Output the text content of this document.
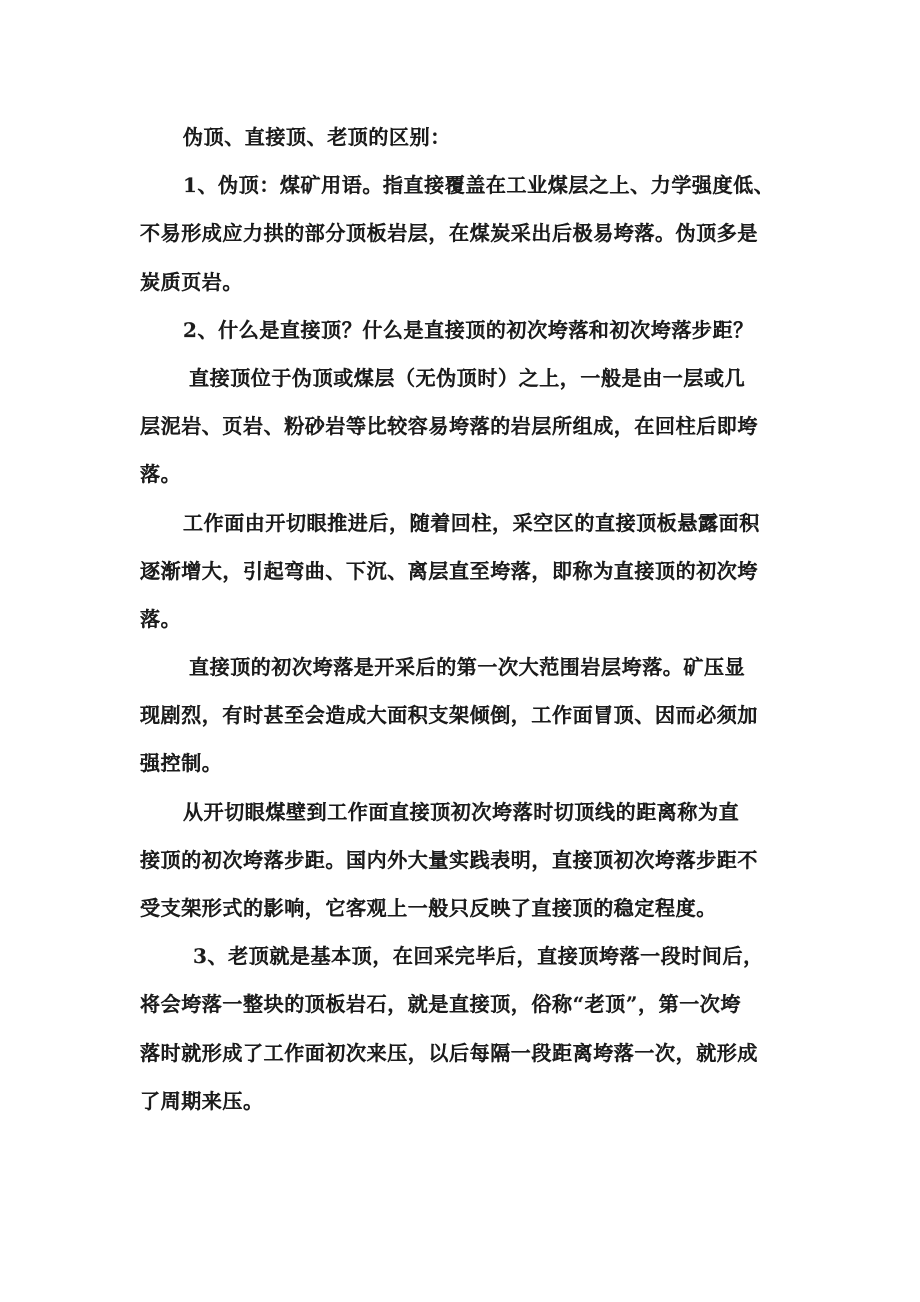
伪顶、直接顶、老顶的区别：
1、伪顶：煤矿用语。指直接覆盖在工业煤层之上、力学强度低、
不易形成应力拱的部分顶板岩层，在煤炭采出后极易垮落。伪顶多是
炭质页岩。
2、什么是直接顶？什么是直接顶的初次垮落和初次垮落步距？
直接顶位于伪顶或煤层（无伪顶时）之上，一般是由一层或几
层泥岩、页岩、粉砂岩等比较容易垮落的岩层所组成，在回柱后即垮
落。
工作面由开切眼推进后，随着回柱，采空区的直接顶板悬露面积
逐渐增大，引起弯曲、下沉、离层直至垮落，即称为直接顶的初次垮
落。
直接顶的初次垮落是开采后的第一次大范围岩层垮落。矿压显
现剧烈，有时甚至会造成大面积支架倾倒，工作面冒顶、因而必须加
强控制。
从开切眼煤壁到工作面直接顶初次垮落时切顶线的距离称为直
接顶的初次垮落步距。国内外大量实践表明，直接顶初次垮落步距不
受支架形式的影响，它客观上一般只反映了直接顶的稳定程度。
3、老顶就是基本顶，在回采完毕后，直接顶垮落一段时间后，
将会垮落一整块的顶板岩石，就是直接顶，俗称“老顶”，第一次垮
落时就形成了工作面初次来压，以后每隔一段距离垮落一次，就形成
了周期来压。
